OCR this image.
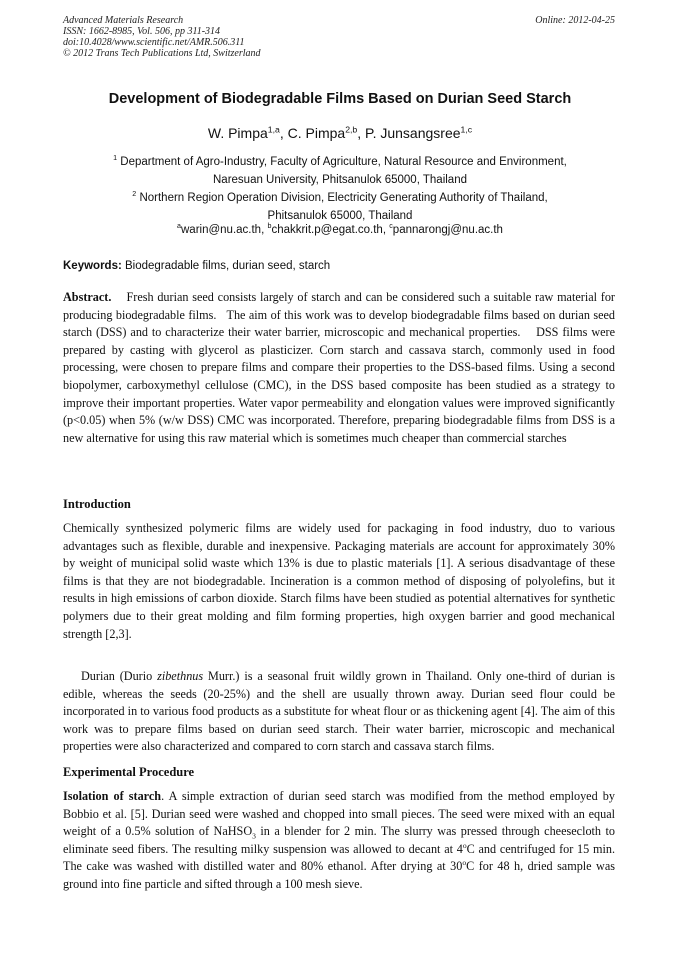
Advanced Materials Research
ISSN: 1662-8985, Vol. 506, pp 311-314
doi:10.4028/www.scientific.net/AMR.506.311
© 2012 Trans Tech Publications Ltd, Switzerland
Online: 2012-04-25
Development of Biodegradable Films Based on Durian Seed Starch
W. Pimpa$^{1,a}$, C. Pimpa$^{2,b}$, P. Junsangsree$^{1,c}$
$^1$ Department of Agro-Industry, Faculty of Agriculture, Natural Resource and Environment,
Naresuan University, Phitsanulok 65000, Thailand
$^2$ Northern Region Operation Division, Electricity Generating Authority of Thailand,
Phitsanulok 65000, Thailand
$^a$warin@nu.ac.th, $^b$chakkrit.p@egat.co.th, $^c$pannarongj@nu.ac.th
Keywords: Biodegradable films, durian seed, starch
Abstract.    Fresh durian seed consists largely of starch and can be considered such a suitable raw material for producing biodegradable films.   The aim of this work was to develop biodegradable films based on durian seed starch (DSS) and to characterize their water barrier, microscopic and mechanical properties.    DSS films were prepared by casting with glycerol as plasticizer. Corn starch and cassava starch, commonly used in food processing, were chosen to prepare films and compare their properties to the DSS-based films. Using a second biopolymer, carboxymethyl cellulose (CMC), in the DSS based composite has been studied as a strategy to improve their important properties. Water vapor permeability and elongation values were improved significantly (p<0.05) when 5% (w/w DSS) CMC was incorporated. Therefore, preparing biodegradable films from DSS is a new alternative for using this raw material which is sometimes much cheaper than commercial starches
Introduction
Chemically synthesized polymeric films are widely used for packaging in food industry, duo to various advantages such as flexible, durable and inexpensive. Packaging materials are account for approximately 30% by weight of municipal solid waste which 13% is due to plastic materials [1]. A serious disadvantage of these films is that they are not biodegradable. Incineration is a common method of disposing of polyolefins, but it results in high emissions of carbon dioxide. Starch films have been studied as potential alternatives for synthetic polymers due to their great molding and film forming properties, high oxygen barrier and good mechanical strength [2,3].
Durian (Durio zibethnus Murr.) is a seasonal fruit wildly grown in Thailand. Only one-third of durian is edible, whereas the seeds (20-25%) and the shell are usually thrown away. Durian seed flour could be incorporated in to various food products as a substitute for wheat flour or as thickening agent [4]. The aim of this work was to prepare films based on durian seed starch. Their water barrier, microscopic and mechanical properties were also characterized and compared to corn starch and cassava starch films.
Experimental Procedure
Isolation of starch. A simple extraction of durian seed starch was modified from the method employed by Bobbio et al. [5]. Durian seed were washed and chopped into small pieces. The seed were mixed with an equal weight of a 0.5% solution of NaHSO$_3$ in a blender for 2 min. The slurry was pressed through cheesecloth to eliminate seed fibers. The resulting milky suspension was allowed to decant at 4$^o$C and centrifuged for 15 min. The cake was washed with distilled water and 80% ethanol. After drying at 30$^o$C for 48 h, dried sample was ground into fine particle and sifted through a 100 mesh sieve.
